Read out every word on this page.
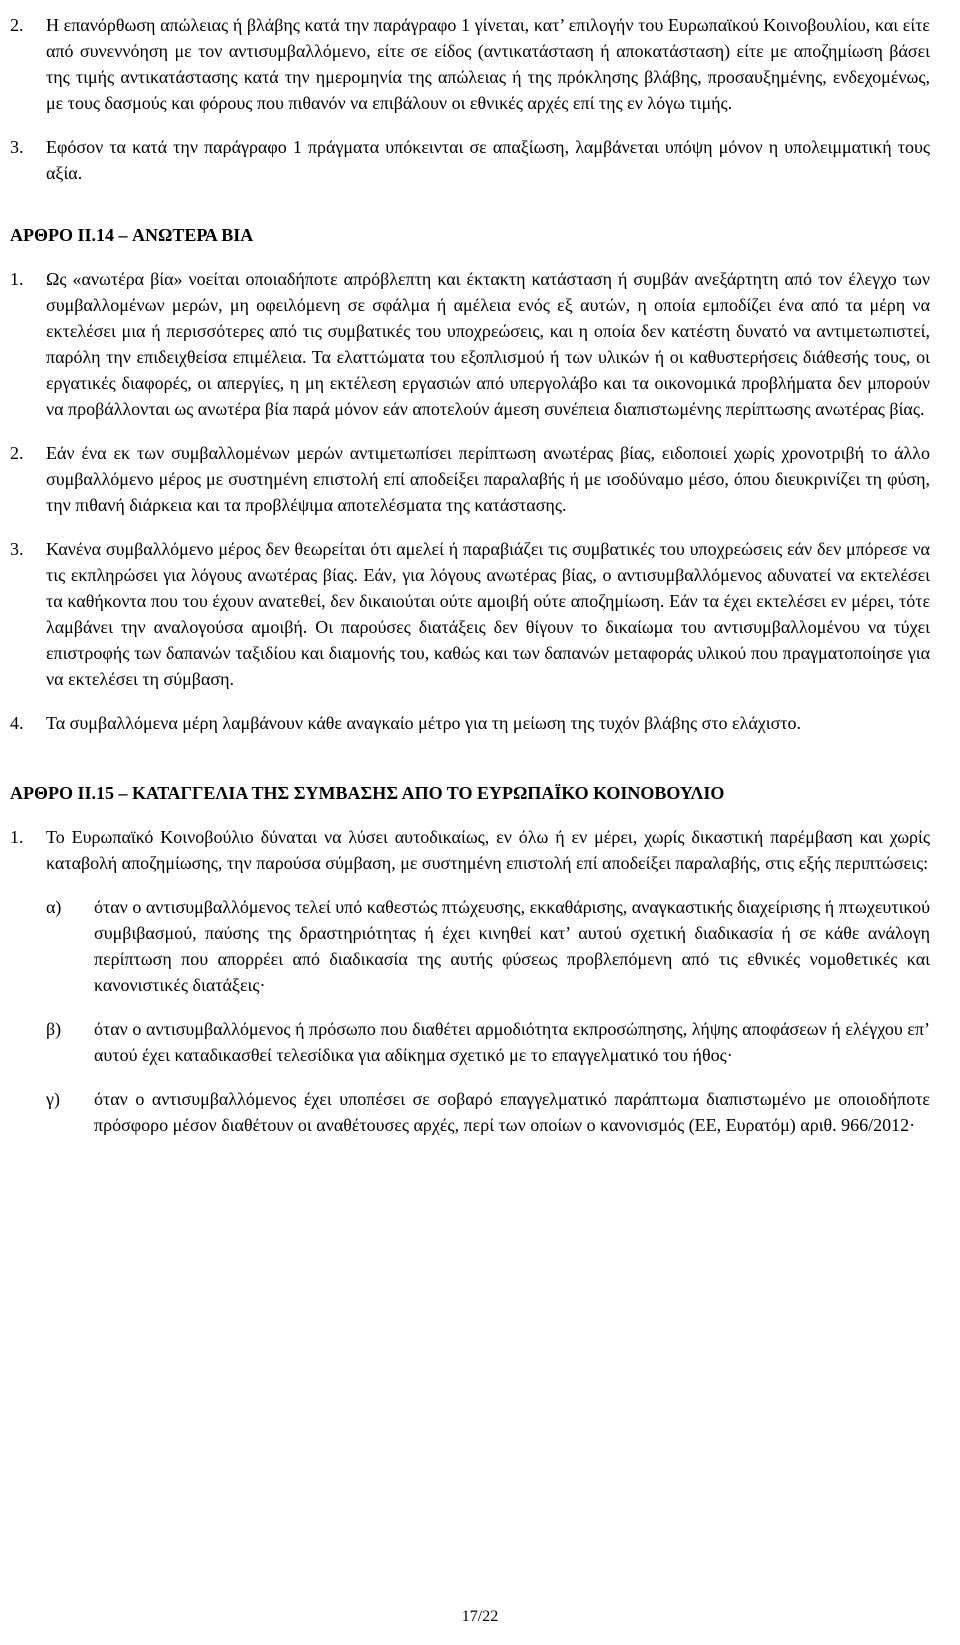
2.	Η επανόρθωση απώλειας ή βλάβης κατά την παράγραφο 1 γίνεται, κατ’ επιλογήν του Ευρωπαϊκού Κοινοβουλίου, και είτε από συνεννόηση με τον αντισυμβαλλόμενο, είτε σε είδος (αντικατάσταση ή αποκατάσταση) είτε με αποζημίωση βάσει της τιμής αντικατάστασης κατά την ημερομηνία της απώλειας ή της πρόκλησης βλάβης, προσαυξημένης, ενδεχομένως, με τους δασμούς και φόρους που πιθανόν να επιβάλουν οι εθνικές αρχές επί της εν λόγω τιμής.
3.	Εφόσον τα κατά την παράγραφο 1 πράγματα υπόκεινται σε απαξίωση, λαμβάνεται υπόψη μόνον η υπολειμματική τους αξία.
ΑΡΘΡΟ II.14 – ΑΝΩΤΕΡΑ ΒΙΑ
1.	Ως «ανωτέρα βία» νοείται οποιαδήποτε απρόβλεπτη και έκτακτη κατάσταση ή συμβάν ανεξάρτητη από τον έλεγχο των συμβαλλομένων μερών, μη οφειλόμενη σε σφάλμα ή αμέλεια ενός εξ αυτών, η οποία εμποδίζει ένα από τα μέρη να εκτελέσει μια ή περισσότερες από τις συμβατικές του υποχρεώσεις, και η οποία δεν κατέστη δυνατό να αντιμετωπιστεί, παρόλη την επιδειχθείσα επιμέλεια. Τα ελαττώματα του εξοπλισμού ή των υλικών ή οι καθυστερήσεις διάθεσής τους, οι εργατικές διαφορές, οι απεργίες, η μη εκτέλεση εργασιών από υπεργολάβο και τα οικονομικά προβλήματα δεν μπορούν να προβάλλονται ως ανωτέρα βία παρά μόνον εάν αποτελούν άμεση συνέπεια διαπιστωμένης περίπτωσης ανωτέρας βίας.
2.	Εάν ένα εκ των συμβαλλομένων μερών αντιμετωπίσει περίπτωση ανωτέρας βίας, ειδοποιεί χωρίς χρονοτριβή το άλλο συμβαλλόμενο μέρος με συστημένη επιστολή επί αποδείξει παραλαβής ή με ισοδύναμο μέσο, όπου διευκρινίζει τη φύση, την πιθανή διάρκεια και τα προβλέψιμα αποτελέσματα της κατάστασης.
3.	Κανένα συμβαλλόμενο μέρος δεν θεωρείται ότι αμελεί ή παραβιάζει τις συμβατικές του υποχρεώσεις εάν δεν μπόρεσε να τις εκπληρώσει για λόγους ανωτέρας βίας. Εάν, για λόγους ανωτέρας βίας, ο αντισυμβαλλόμενος αδυνατεί να εκτελέσει τα καθήκοντα που του έχουν ανατεθεί, δεν δικαιούται ούτε αμοιβή ούτε αποζημίωση. Εάν τα έχει εκτελέσει εν μέρει, τότε λαμβάνει την αναλογούσα αμοιβή. Οι παρούσες διατάξεις δεν θίγουν το δικαίωμα του αντισυμβαλλομένου να τύχει επιστροφής των δαπανών ταξιδίου και διαμονής του, καθώς και των δαπανών μεταφοράς υλικού που πραγματοποίησε για να εκτελέσει τη σύμβαση.
4.	Τα συμβαλλόμενα μέρη λαμβάνουν κάθε αναγκαίο μέτρο για τη μείωση της τυχόν βλάβης στο ελάχιστο.
ΑΡΘΡΟ II.15 – ΚΑΤΑΓΓΕΛΙΑ ΤΗΣ ΣΥΜΒΑΣΗΣ ΑΠΟ ΤΟ ΕΥΡΩΠΑΪΚΟ ΚΟΙΝΟΒΟΥΛΙΟ
1.	Το Ευρωπαϊκό Κοινοβούλιο δύναται να λύσει αυτοδικαίως, εν όλω ή εν μέρει, χωρίς δικαστική παρέμβαση και χωρίς καταβολή αποζημίωσης, την παρούσα σύμβαση, με συστημένη επιστολή επί αποδείξει παραλαβής, στις εξής περιπτώσεις:
α)	όταν ο αντισυμβαλλόμενος τελεί υπό καθεστώς πτώχευσης, εκκαθάρισης, αναγκαστικής διαχείρισης ή πτωχευτικού συμβιβασμού, παύσης της δραστηριότητας ή έχει κινηθεί κατ’ αυτού σχετική διαδικασία ή σε κάθε ανάλογη περίπτωση που απορρέει από διαδικασία της αυτής φύσεως προβλεπόμενη από τις εθνικές νομοθετικές και κανονιστικές διατάξεις·
β)	όταν ο αντισυμβαλλόμενος ή πρόσωπο που διαθέτει αρμοδιότητα εκπροσώπησης, λήψης αποφάσεων ή ελέγχου επ’ αυτού έχει καταδικασθεί τελεσίδικα για αδίκημα σχετικό με το επαγγελματικό του ήθος·
γ)	όταν ο αντισυμβαλλόμενος έχει υποπέσει σε σοβαρό επαγγελματικό παράπτωμα διαπιστωμένο με οποιοδήποτε πρόσφορο μέσον διαθέτουν οι αναθέτουσες αρχές, περί των οποίων ο κανονισμός (ΕΕ, Ευρατόμ) αριθ. 966/2012·
17/22
